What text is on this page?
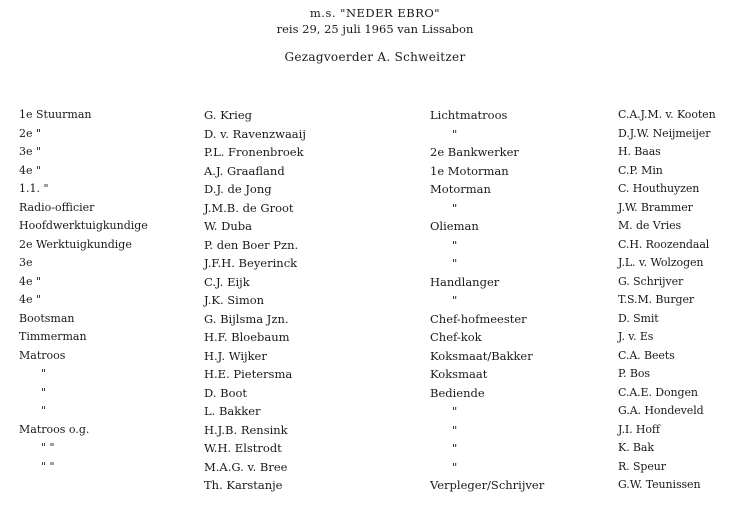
m.s. "NEDER EBRO"
reis 29, 25 juli 1965 van Lissabon
Gezagvoerder A. Schweitzer
1e Stuurman
2e "
3e "
4e "
1.1. "
Radio-officier
Hoofdwerktuigkundige
2e Werktuigkundige
3e
4e "
4e "
Bootsman
Timmerman
Matroos
"
"
"
Matroos o.g.
" "
" "
G. Krieg
D. v. Ravenzwaaij
P.L. Fronenbroek
A.J. Graafland
D.J. de Jong
J.M.B. de Groot
W. Duba
P. den Boer Pzn.
J.F.H. Beyerinck
C.J. Eijk
J.K. Simon
G. Bijlsma Jzn.
H.F. Bloebaum
H.J. Wijker
H.E. Pietersma
D. Boot
L. Bakker
H.J.B. Rensink
W.H. Elstrodt
M.A.G. v. Bree
Th. Karstanje
Lichtmatroos
"
2e Bankwerker
1e Motorman
Motorman
"
Olieman
"
"
Handlanger
"
Chef-hofmeester
Chef-kok
Koksmaat/Bakker
Koksmaat
Bediende
"
"
"
"
Verpleger/Schrijver
C.A.J.M. v. Kooten
D.J.W. Neijmeijer
H. Baas
C.P. Min
C. Houthuyzen
J.W. Brammer
M. de Vries
C.H. Roozendaal
J.L. v. Wolzogen
G. Schrijver
T.S.M. Burger
D. Smit
J. v. Es
C.A. Beets
P. Bos
C.A.E. Dongen
G.A. Hondeveld
J.I. Hoff
K. Bak
R. Speur
G.W. Teunissen
